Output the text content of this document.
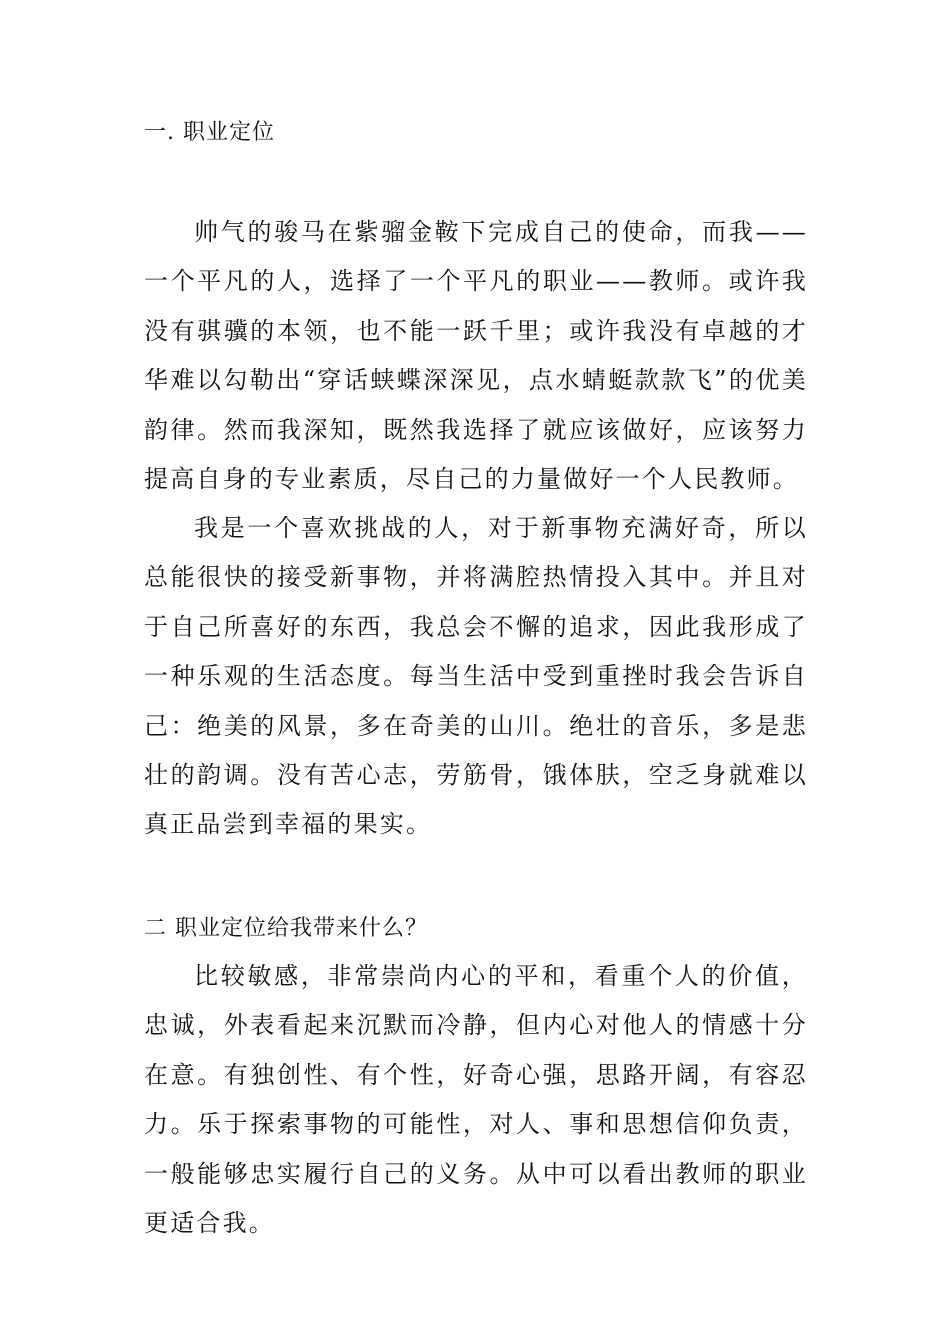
一. 职业定位

帅气的骏马在紫骝金鞍下完成自己的使命，而我——一个平凡的人，选择了一个平凡的职业——教师。或许我没有骐骥的本领，也不能一跃千里；或许我没有卓越的才华难以勾勒出“穿话蛱蝶深深见，点水蜻蜓款款飞”的优美韵律。然而我深知，既然我选择了就应该做好，应该努力提高自身的专业素质，尽自己的力量做好一个人民教师。

我是一个喜欢挑战的人，对于新事物充满好奇，所以总能很快的接受新事物，并将满腔热情投入其中。并且对于自己所喜好的东西，我总会不懈的追求，因此我形成了一种乐观的生活态度。每当生活中受到重挫时我会告诉自己：绝美的风景，多在奇美的山川。绝壮的音乐，多是悲壮的韵调。没有苦心志，劳筋骨，饿体肤，空乏身就难以真正品尝到幸福的果实。

二 职业定位给我带来什么？

比较敏感，非常崇尚内心的平和，看重个人的价值，忠诚，外表看起来沉默而冷静，但内心对他人的情感十分在意。有独创性、有个性，好奇心强，思路开阔，有容忍力。乐于探索事物的可能性，对人、事和思想信仰负责，一般能够忠实履行自己的义务。从中可以看出教师的职业更适合我。
